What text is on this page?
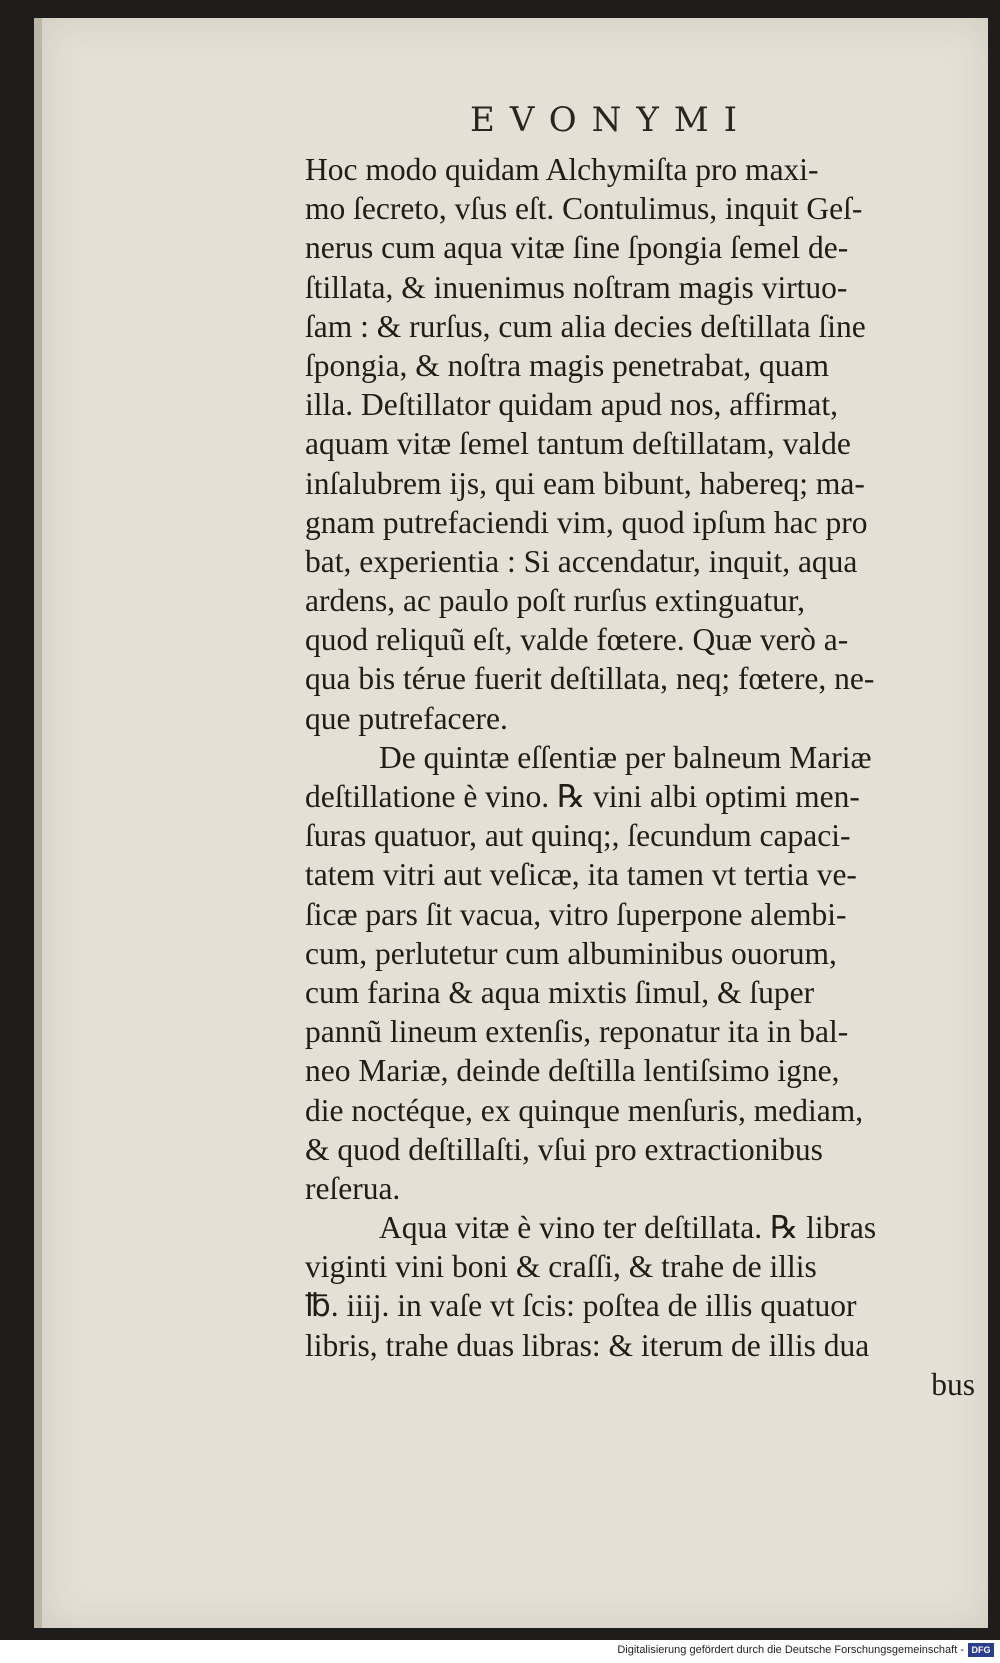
EVONYMI
Hoc modo quidam Alchymiſta pro maxi-
mo ſecreto, vſus eſt. Contulimus, inquit Geſ-
nerus cum aqua vitæ ſine ſpongia ſemel de-
ſtillata, & inuenimus noſtram magis virtuo-
ſam : & rurſus, cum alia decies deſtillata ſine
ſpongia, & noſtra magis penetrabat, quam
illa. Deſtillator quidam apud nos, affirmat,
aquam vitæ ſemel tantum deſtillatam, valde
inſalubrem ijs, qui eam bibunt, habereq; ma-
gnam putrefaciendi vim, quod ipſum hac pro
bat, experientia : Si accendatur, inquit, aqua
ardens, ac paulo poſt rurſus extinguatur,
quod reliquũ eſt, valde fœtere. Quæ verò a-
qua bis térue fuerit deſtillata, neq; fœtere, ne-
que putrefacere.
De quintæ eſſentiæ per balneum Mariæ
deſtillatione è vino. ℞ vini albi optimi men-
ſuras quatuor, aut quinq;, ſecundum capaci-
tatem vitri aut veſicæ, ita tamen vt tertia ve-
ſicæ pars ſit vacua, vitro ſuperpone alembi-
cum, perlutetur cum albuminibus ouorum,
cum farina & aqua mixtis ſimul, & ſuper
pannũ lineum extenſis, reponatur ita in bal-
neo Mariæ, deinde deſtilla lentiſsimo igne,
die noctéque, ex quinque menſuris, mediam,
& quod deſtillaſti, vſui pro extractionibus
reſerua.
Aqua vitæ è vino ter deſtillata. ℞ libras
viginti vini boni & craſſi, & trahe de illis
℔. iiij. in vaſe vt ſcis: poſtea de illis quatuor
libris, trahe duas libras: & iterum de illis dua
bus
Digitalisierung gefördert durch die Deutsche Forschungsgemeinschaft - DFG
